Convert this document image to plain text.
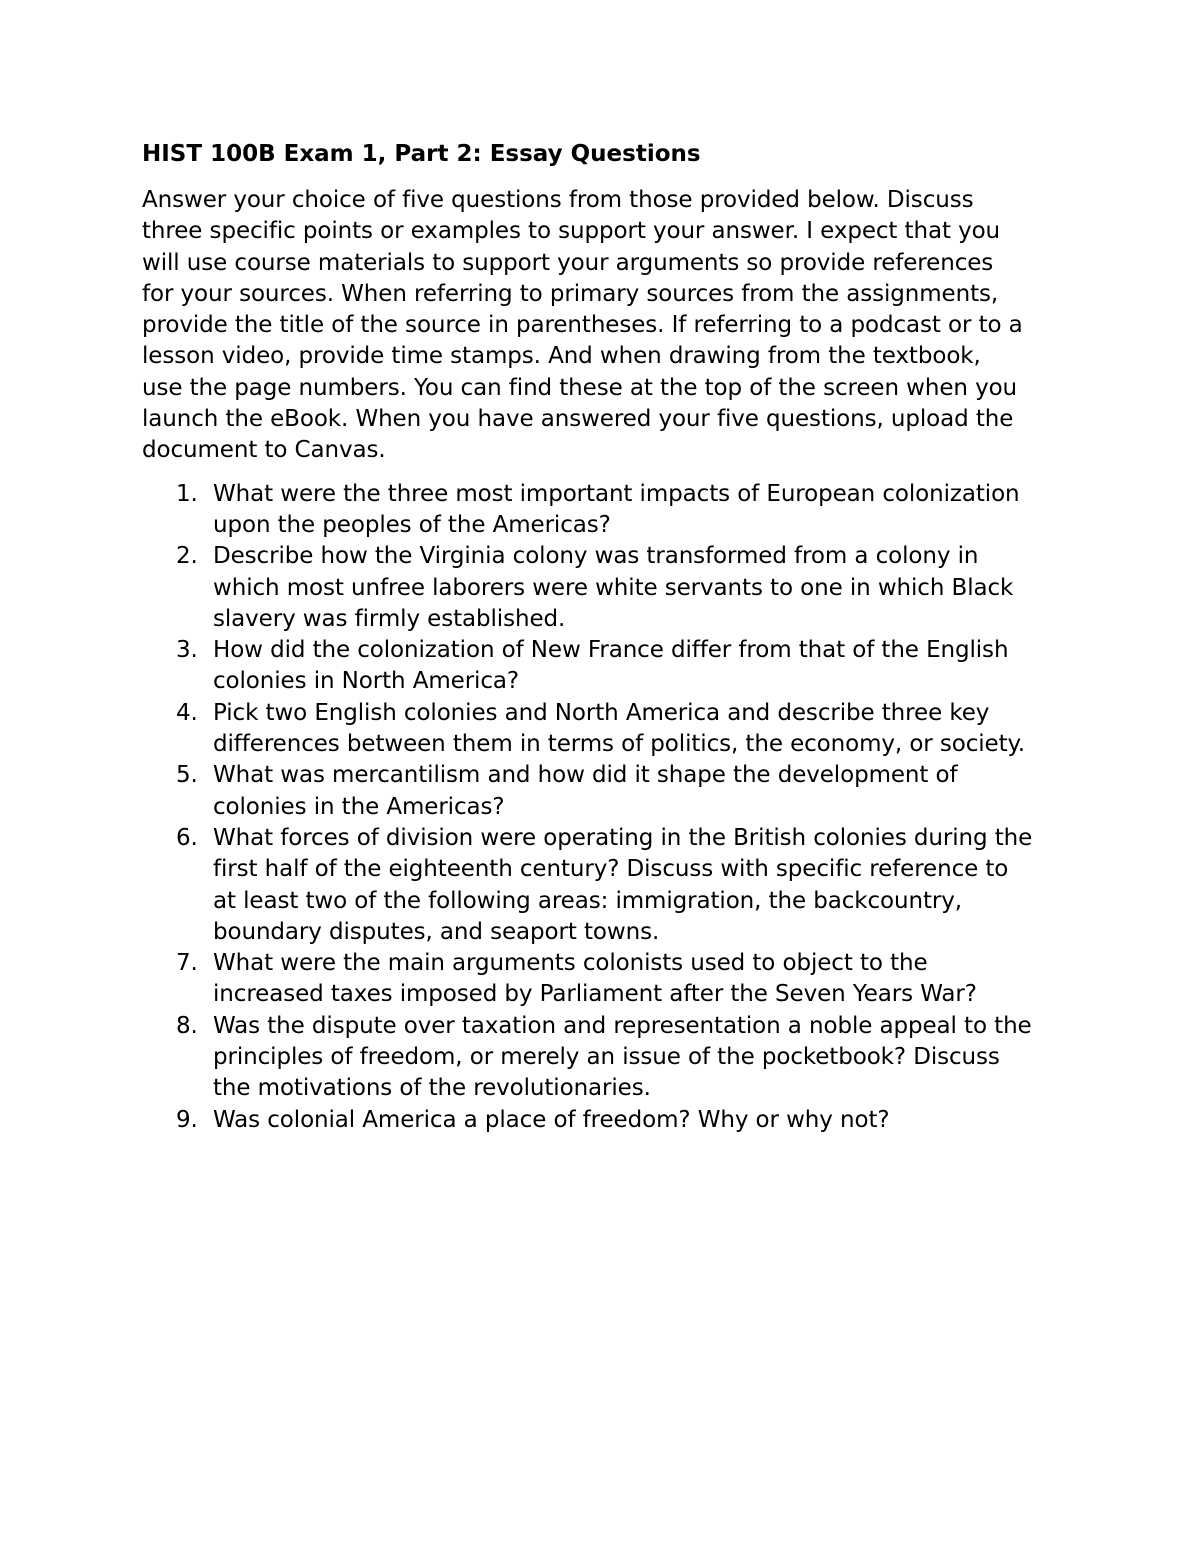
HIST 100B Exam 1, Part 2: Essay Questions

Answer your choice of five questions from those provided below. Discuss
three specific points or examples to support your answer. I expect that you
will use course materials to support your arguments so provide references
for your sources. When referring to primary sources from the assignments,
provide the title of the source in parentheses. If referring to a podcast or to a
lesson video, provide time stamps. And when drawing from the textbook,
use the page numbers. You can find these at the top of the screen when you
launch the eBook. When you have answered your five questions, upload the
document to Canvas.

1. What were the three most important impacts of European colonization
upon the peoples of the Americas?
2. Describe how the Virginia colony was transformed from a colony in
which most unfree laborers were white servants to one in which Black
slavery was firmly established.
3. How did the colonization of New France differ from that of the English
colonies in North America?
4. Pick two English colonies and North America and describe three key
differences between them in terms of politics, the economy, or society.
5. What was mercantilism and how did it shape the development of
colonies in the Americas?
6. What forces of division were operating in the British colonies during the
first half of the eighteenth century? Discuss with specific reference to
at least two of the following areas: immigration, the backcountry,
boundary disputes, and seaport towns.
7. What were the main arguments colonists used to object to the
increased taxes imposed by Parliament after the Seven Years War?
8. Was the dispute over taxation and representation a noble appeal to the
principles of freedom, or merely an issue of the pocketbook? Discuss
the motivations of the revolutionaries.
9. Was colonial America a place of freedom? Why or why not?
